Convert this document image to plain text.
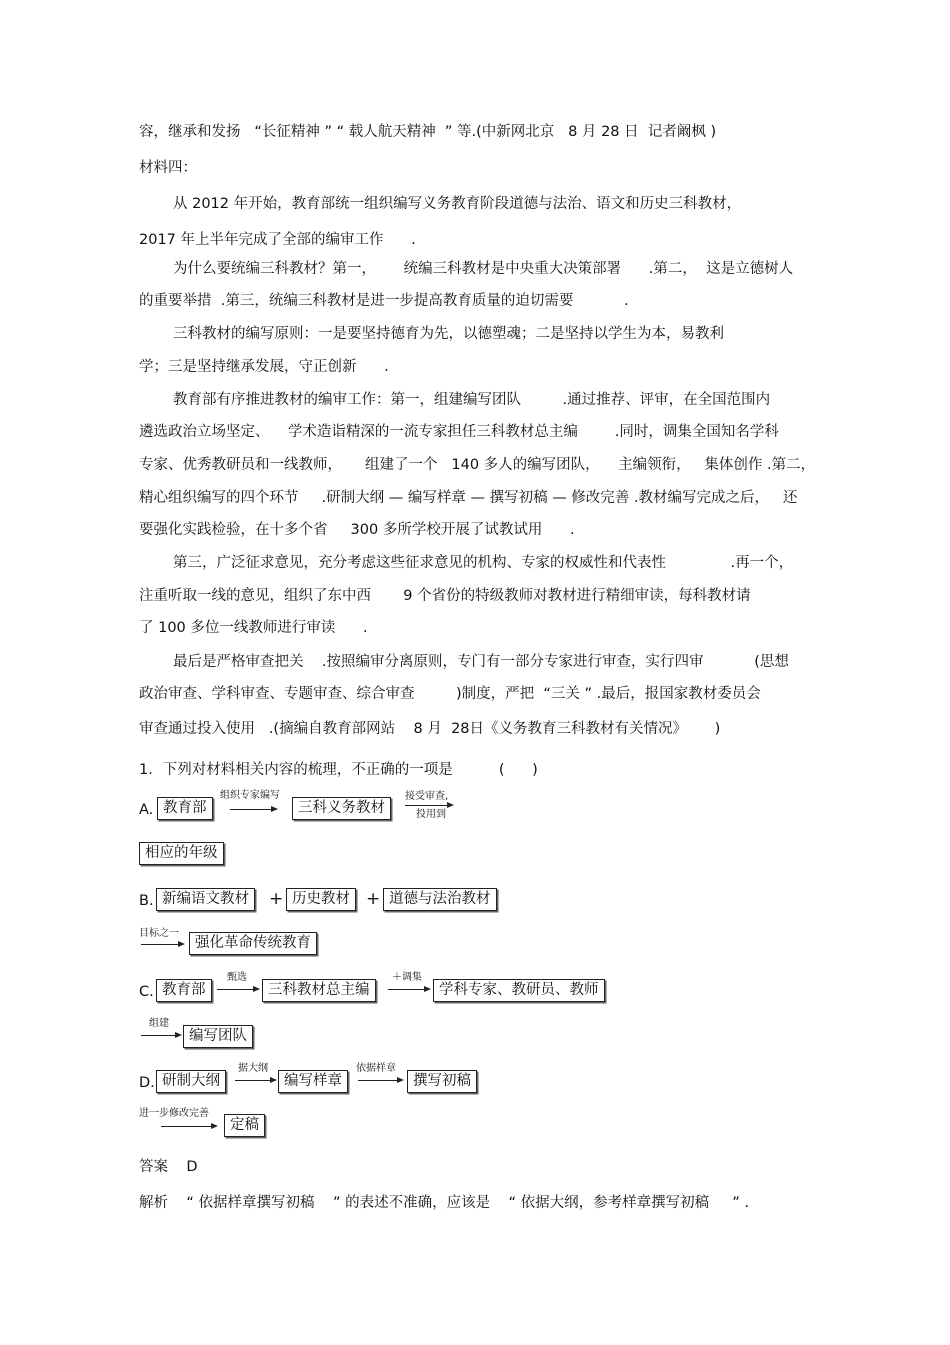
容，继承和发扬   “长征精神 ” “ 载人航天精神  ” 等.(中新网北京   8 月 28 日  记者阚枫 )
材料四：
从 2012 年开始，教育部统一组织编写义务教育阶段道德与法治、语文和历史三科教材，
2017 年上半年完成了全部的编审工作      .
为什么要统编三科教材？第一，      统编三科教材是中央重大决策部署      .第二，  这是立德树人
的重要举措  .第三，统编三科教材是进一步提高教育质量的迫切需要           .
三科教材的编写原则：一是要坚持德育为先，以德塑魂；二是坚持以学生为本，易教利
学；三是坚持继承发展，守正创新      .
教育部有序推进教材的编审工作：第一，组建编写团队         .通过推荐、评审，在全国范围内
遴选政治立场坚定、    学术造诣精深的一流专家担任三科教材总主编        .同时，调集全国知名学科
专家、优秀教研员和一线教师，     组建了一个   140 多人的编写团队，    主编领衔，   集体创作 .第二，
精心组织编写的四个环节     .研制大纲 — 编写样章 — 撰写初稿 — 修改完善 .教材编写完成之后，   还
要强化实践检验，在十多个省     300 多所学校开展了试教试用      .
第三，广泛征求意见，充分考虑这些征求意见的机构、专家的权威性和代表性              .再一个，
注重听取一线的意见，组织了东中西       9 个省份的特级教师对教材进行精细审读，每科教材请
了 100 多位一线教师进行审读      .
最后是严格审查把关    .按照编审分离原则，专门有一部分专家进行审查，实行四审           (思想
政治审查、学科审查、专题审查、综合审查         )制度，严把  “三关 ” .最后，报国家教材委员会
审查通过投入使用   .(摘编自教育部网站    8 月  28日《义务教育三科教材有关情况》      )
1．下列对材料相关内容的梳理，不正确的一项是          (      )
A. 教育部
组织专家编写
三科义务教材
接受审查,
投用到
相应的年级
B. 新编语文教材	+ 历史教材 + 道德与法治教材
目标之一
强化革命传统教育
C. 教育部
甄选
三科教材总主编
＋调集
学科专家、教研员、教师
组建
编写团队
D. 研制大纲
据大纲
编写样章
依据样章
撰写初稿
进一步修改完善
定稿
答案    D
解析    “ 依据样章撰写初稿    ” 的表述不准确，应该是    “ 依据大纲，参考样章撰写初稿     ” .
